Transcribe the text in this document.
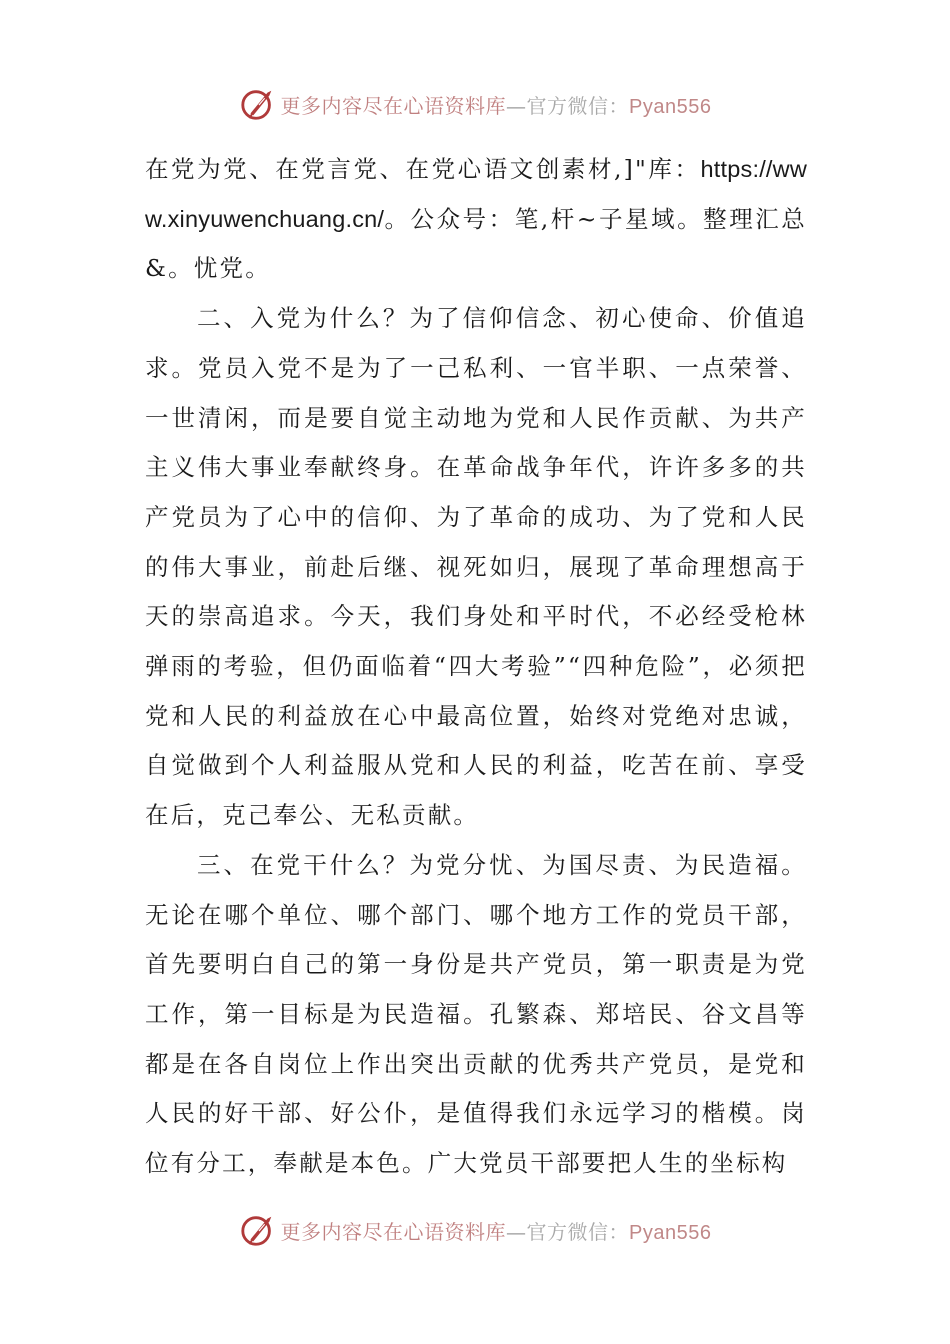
更多内容尽在心语资料库—官方微信：Pyan556

在党为党、在党言党、在党心语文创素材,]"库：https://www.xinyuwenchuang.cn/。公众号：笔,杆~子星域。整理汇总&。忧党。

二、入党为什么？为了信仰信念、初心使命、价值追求。党员入党不是为了一己私利、一官半职、一点荣誉、一世清闲，而是要自觉主动地为党和人民作贡献、为共产主义伟大事业奉献终身。在革命战争年代，许许多多的共产党员为了心中的信仰、为了革命的成功、为了党和人民的伟大事业，前赴后继、视死如归，展现了革命理想高于天的崇高追求。今天，我们身处和平时代，不必经受枪林弹雨的考验，但仍面临着“四大考验”“四种危险”，必须把党和人民的利益放在心中最高位置，始终对党绝对忠诚，自觉做到个人利益服从党和人民的利益，吃苦在前、享受在后，克己奉公、无私贡献。

三、在党干什么？为党分忧、为国尽责、为民造福。无论在哪个单位、哪个部门、哪个地方工作的党员干部，首先要明白自己的第一身份是共产党员，第一职责是为党工作，第一目标是为民造福。孔繁森、郑培民、谷文昌等都是在各自岗位上作出突出贡献的优秀共产党员，是党和人民的好干部、好公仆，是值得我们永远学习的楷模。岗位有分工，奉献是本色。广大党员干部要把人生的坐标构

更多内容尽在心语资料库—官方微信：Pyan556
